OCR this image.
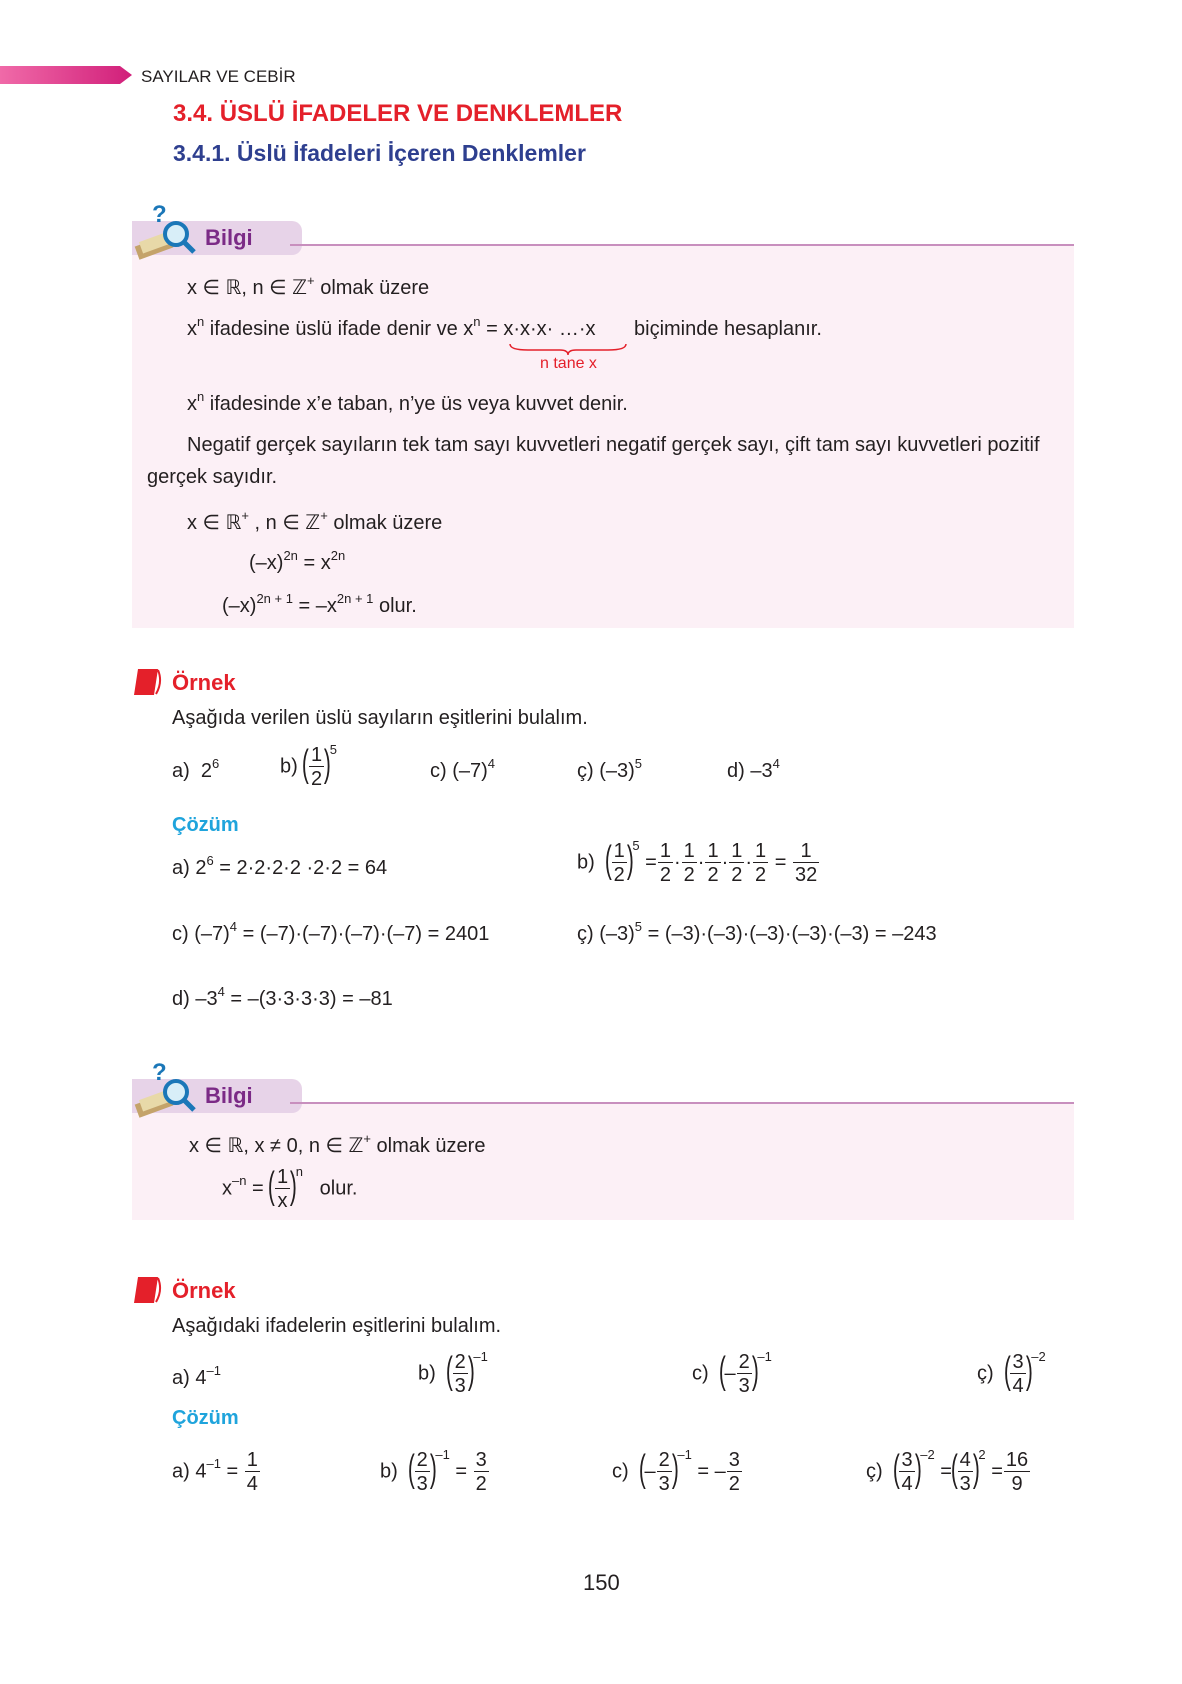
SAYILAR VE CEBİR
3.4. ÜSLÜ İFADELER VE DENKLEMLER
3.4.1. Üslü İfadeleri İçeren Denklemler
?
Bilgi
x ∈ ℝ, n ∈ ℤ+ olmak üzere
$x^n$ ifadesine üslü ifade denir ve $x^n = x\cdot x\cdot x\cdot$ …·x biçiminde hesaplanır.
n tane x
$x^n$ ifadesinde x’e taban, n’ye üs veya kuvvet denir.
Negatif gerçek sayıların tek tam sayı kuvvetleri negatif gerçek sayı, çift tam sayı kuvvetleri pozitif
gerçek sayıdır.
x ∈ ℝ+ , n ∈ ℤ+ olmak üzere
$(-x)^{2n} = x^{2n}$
$(-x)^{2n + 1} = -x^{2n + 1}$ olur.
Örnek
Aşağıda verilen üslü sayıların eşitlerini bulalım.
a) $2^6$	b) ( $\frac{1}{2} )^5$
c) $(-7)^4$	ç) $(-3)^5$	d) $-3^4$
Çözüm
a) $2^6 = 2\cdot 2\cdot 2\cdot 2 \cdot 2\cdot 2 = 64$	b) ( $\frac{1}{2} )^5 = \frac{1}{2} \cdot \frac{1}{2} \cdot \frac{1}{2} \cdot \frac{1}{2} \cdot \frac{1}{2} = \frac{1}{32}$
c) $(-7)^4 = (-7)\cdot(-7)\cdot(-7)\cdot(-7) = 2401$	ç) $(-3)^5 = (-3)\cdot(-3)\cdot(-3)\cdot(-3)\cdot(-3) = -243$
d) $-3^4 = -(3\cdot 3\cdot 3\cdot 3) = -81$
?
Bilgi
x ∈ ℝ, x ≠ 0, n ∈ ℤ+ olmak üzere
$x^{-n}$ = ( $\frac{1}{x} )^n$   olur.
Örnek
Aşağıdaki ifadelerin eşitlerini bulalım.
a) $4^{-1}$	b) ( $\frac{2}{3} )^{-1}$
c) (– $\frac{2}{3} )^{-1}$
ç) ( $\frac{3}{4} )^{-2}$
Çözüm
a) $4^{-1} = \frac{1}{4}$	b) ( $\frac{2}{3} )^{-1} = \frac{3}{2}$	c) (– $\frac{2}{3} )^{-1}$ = – $\frac{3}{2}$	ç) ( $\frac{3}{4} )^{-2}$ =( $\frac{4}{3} )^2 = \frac{16}{9}$
150
